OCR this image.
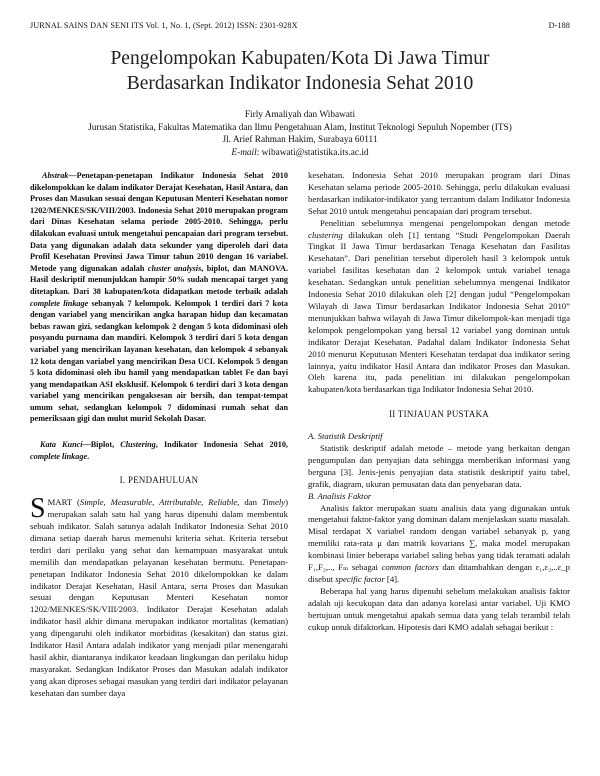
JURNAL SAINS DAN SENI ITS Vol. 1, No. 1, (Sept. 2012) ISSN: 2301-928X	D-188
Pengelompokan Kabupaten/Kota Di Jawa Timur
Berdasarkan Indikator Indonesia Sehat 2010
Firly Amaliyah dan Wibawati
Jurusan Statistika, Fakultas Matematika dan Ilmu Pengetahuan Alam, Institut Teknologi Sepuluh Nopember (ITS)
Jl. Arief Rahman Hakim, Surabaya 60111
E-mail: wibawati@statistika.its.ac.id

Abstrak—Penetapan-penetapan Indikator Indonesia Sehat 2010 dikelompokkan ke dalam indikator Derajat Kesehatan, Hasil Antara, dan Proses dan Masukan sesuai dengan Keputusan Menteri Kesehatan nomor 1202/MENKES/SK/VIII/2003. Indonesia Sehat 2010 merupakan program dari Dinas Kesehatan selama periode 2005-2010. Sehingga, perlu dilakukan evaluasi untuk mengetahui pencapaian dari program tersebut. Data yang digunakan adalah data sekunder yang diperoleh dari data Profil Kesehatan Provinsi Jawa Timur tahun 2010 dengan 16 variabel. Metode yang digunakan adalah cluster analysis, biplot, dan MANOVA. Hasil deskriptif menunjukkan hampir 50% sudah mencapai target yang ditetapkan. Dari 38 kabupaten/kota didapatkan metode terbaik adalah complete linkage sebanyak 7 kelompok. Kelompok 1 terdiri dari 7 kota dengan variabel yang mencirikan angka harapan hidup dan kecamatan bebas rawan gizi, sedangkan kelompok 2 dengan 5 kota didominasi oleh posyandu purnama dan mandiri. Kelompok 3 terdiri dari 5 kota dengan variabel yang mencirikan layanan kesehatan, dan kelompok 4 sebanyak 12 kota dengan variabel yang mencirikan Desa UCI. Kelompok 5 dengan 5 kota didominasi oleh ibu hamil yang mendapatkan tablet Fe dan bayi yang mendapatkan ASI eksklusif. Kelompok 6 terdiri dari 3 kota dengan variabel yang mencirikan pengaksesan air bersih, dan tempat-tempat umum sehat, sedangkan kelompok 7 didominasi rumah sehat dan pemeriksaan gigi dan mulut murid Sekolah Dasar.

Kata Kunci—Biplot, Clustering, Indikator Indonesia Sehat 2010, complete linkage.

I. PENDAHULUAN

SMART (Simple, Measurable, Attributable, Reliable, dan Timely) merupakan salah satu hal yang harus dipenuhi dalam membentuk sebuah indikator. Salah satunya adalah Indikator Indonesia Sehat 2010 dimana setiap daerah harus memenuhi kriteria sehat. Kriteria tersebut terdiri dari perilaku yang sehat dan kemampuan masyarakat untuk memilih dan mendapatkan pelayanan kesehatan bermutu. Penetapan-penetapan Indikator Indonesia Sehat 2010 dikelompokkan ke dalam indikator Derajat Kesehatan, Hasil Antara, serta Proses dan Masukan sesuai dengan Keputusan Menteri Kesehatan nomor 1202/MENKES/SK/VIII/2003. Indikator Derajat Kesehatan adalah indikator hasil akhir dimana merupakan indikator mortalitas (kematian) yang dipengaruhi oleh indikator morbiditas (kesakitan) dan status gizi. Indikator Hasil Antara adalah indikator yang menjadi pilar menengarahi hasil akhir, diantaranya indikator keadaan lingkungan dan perilaku hidup masyarakat. Sedangkan Indikator Proses dan Masukan adalah indikator yang akan diproses sebagai masukan yang terdiri dari indikator pelayanan kesehatan dan sumber daya

kesehatan. Indonesia Sehat 2010 merupakan program dari Dinas Kesehatan selama periode 2005-2010. Sehingga, perlu dilakukan evaluasi berdasarkan indikator-indikator yang tercantum dalam Indikator Indonesia Sehat 2010 untuk mengetahui pencapaian dari program tersebut.

Penelitian sebelumnya mengenai pengelompokan dengan metode clustering dilakukan oleh [1] tentang “Studi Pengelompokan Daerah Tingkat II Jawa Timur berdasarkan Tenaga Kesehatan dan Fasilitas Kesehatan”. Dari penelitian tersebut diperoleh hasil 3 kelompok untuk variabel fasilitas kesehatan dan 2 kelompok untuk variabel tenaga kesehatan. Sedangkan untuk penelitian sebelumnya mengenai Indikator Indonesia Sehat 2010 dilakukan oleh [2] dengan judul “Pengelompokan Wilayah di Jawa Timur berdasarkan Indikator Indonesia Sehat 2010” menunjukkan bahwa wilayah di Jawa Timur dikelompok-kan menjadi tiga kelompok pengelompokan yang bersal 12 variabel yang dominan untuk indikator Derajat Kesehatan. Padahal dalam Indikator Indonesia Sehat 2010 menurut Keputusan Menteri Kesehatan terdapat dua indikator sering lainnya, yaitu indikator Hasil Antara dan indikator Proses dan Masukan. Oleh karena itu, pada penelitian ini dilakukan pengelompokan kabupaten/kota berdasarkan tiga Indikator Indonesia Sehat 2010.

II TINJAUAN PUSTAKA

A. Statistik Deskriptif

Statistik deskriptif adalah metode – metode yang berkaitan dengan pengumpulan dan penyajian data sehingga memberikan informasi yang berguna [3]. Jenis-jenis penyajian data statistik deskriptif yaitu tabel, grafik, diagram, ukuran pemusatan data dan penyebaran data.

B. Analisis Faktor

Analisis faktor merupakan suatu analisis data yang digunakan untuk mengetahui faktor-faktor yang dominan dalam menjelaskan suatu masalah. Misal terdapat X variabel random dengan variabel sebanyak p, yang memiliki rata-rata μ dan matrik kovarians ∑, maka model merupakan kombinasi linier beberapa variabel saling bebas yang tidak teramati adalah F₁,F₂,.., Fₘ sebagai common factors dan ditambahkan dengan ε₁,ε₂,..ε_p disebut specific factor [4].

Beberapa hal yang harus dipenuhi sebelum melakukan analisis faktor adalah uji kecukupan data dan adanya korelasi antar variabel. Uji KMO bertujuan untuk mengetahui apakah semua data yang telah terambil telah cukup untuk difaktorkan. Hipotesis dari KMO adalah sebagai berikut :
